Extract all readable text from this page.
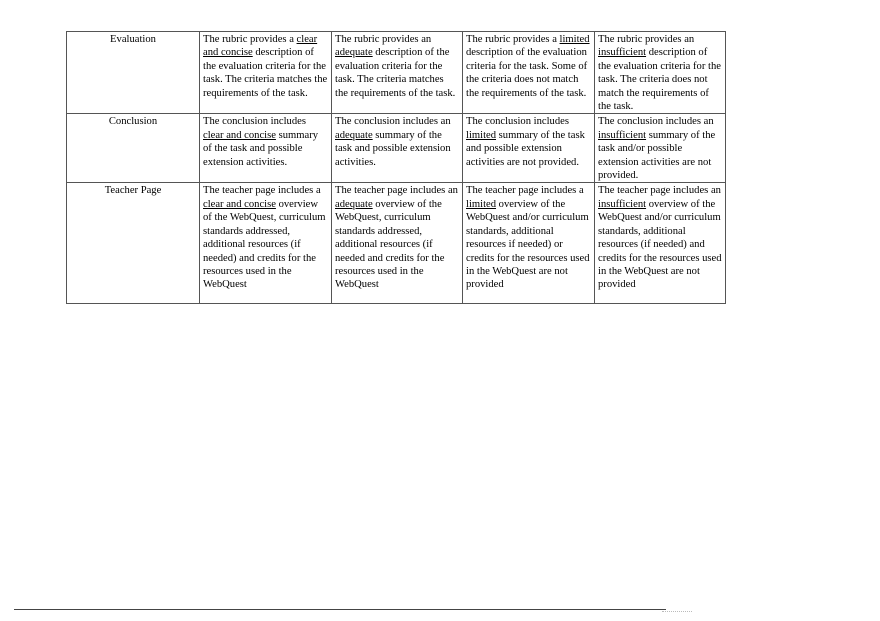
Evaluation	The rubric provides a clear and concise description of the evaluation criteria for the task. The criteria matches the requirements of the task.	The rubric provides an adequate description of the evaluation criteria for the task. The criteria matches the requirements of the task.	The rubric provides a limited description of the evaluation criteria for the task. Some of the criteria does not match the requirements of the task.	The rubric provides an insufficient description of the evaluation criteria for the task. The criteria does not match the requirements of the task.
Conclusion	The conclusion includes clear and concise summary of the task and possible extension activities.	The conclusion includes an adequate summary of the task and possible extension activities.	The conclusion includes limited summary of the task and possible extension activities are not provided.	The conclusion includes an insufficient summary of the task and/or possible extension activities are not provided.
Teacher Page	The teacher page includes a clear and concise overview of the WebQuest, curriculum standards addressed, additional resources (if needed) and credits for the resources used in the WebQuest	The teacher page includes an adequate overview of the WebQuest, curriculum standards addressed, additional resources (if needed and credits for the resources used in the WebQuest	The teacher page includes a limited overview of the WebQuest and/or curriculum standards, additional resources if needed) or credits for the resources used in the WebQuest are not provided	The teacher page includes an insufficient overview of the WebQuest and/or curriculum standards, additional resources (if needed) and credits for the resources used in the WebQuest are not provided
